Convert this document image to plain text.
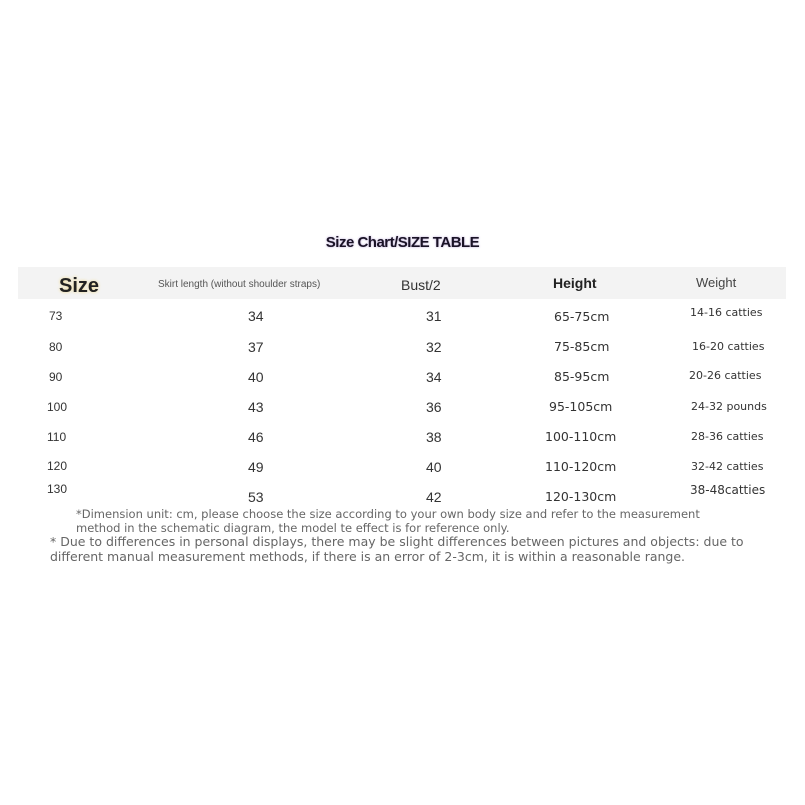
Size Chart/SIZE TABLE
Size	Skirt length (without shoulder straps)	Bust/2	Height	Weight
73	34	31	65-75cm	14-16 catties
80	37	32	75-85cm	16-20 catties
90	40	34	85-95cm	20-26 catties
100	43	36	95-105cm	24-32 pounds
110	46	38	100-110cm	28-36 catties
120	49	40	110-120cm	32-42 catties
130	53	42	120-130cm	38-48catties
*Dimension unit: cm, please choose the size according to your own body size and refer to the measurement method in the schematic diagram, the model te effect is for reference only.
* Due to differences in personal displays, there may be slight differences between pictures and objects: due to different manual measurement methods, if there is an error of 2-3cm, it is within a reasonable range.
